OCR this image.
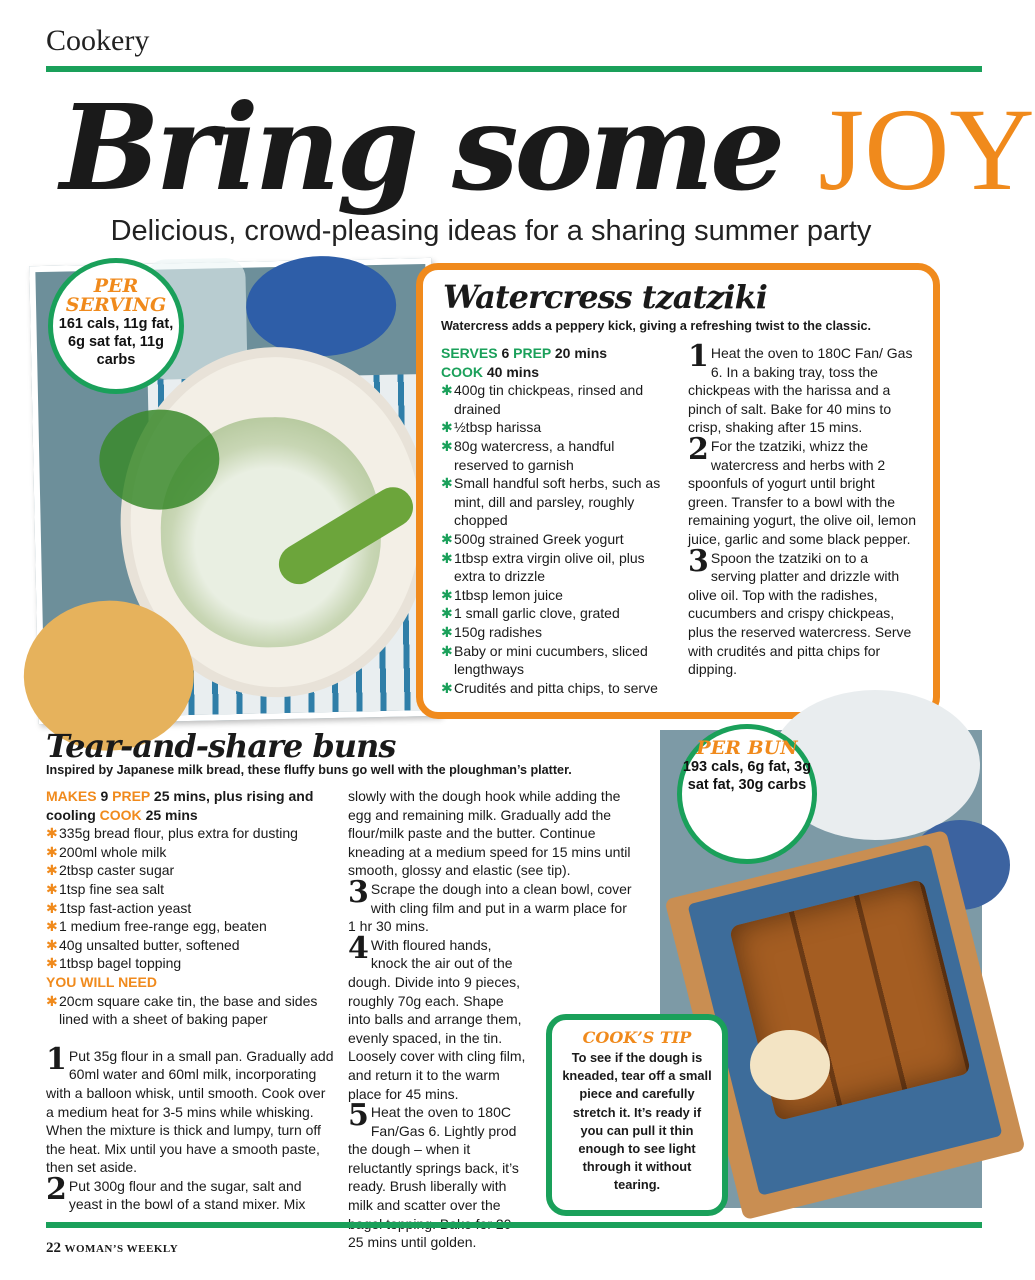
Cookery
Bring some JOY
Delicious, crowd-pleasing ideas for a sharing summer party
PER SERVING
161 cals, 11g fat, 6g sat fat, 11g carbs
Watercress tzatziki
Watercress adds a peppery kick, giving a refreshing twist to the classic.
SERVES 6 PREP 20 mins
COOK 40 mins
✱ 400g tin chickpeas, rinsed and drained
✱ ½tbsp harissa
✱ 80g watercress, a handful reserved to garnish
✱ Small handful soft herbs, such as mint, dill and parsley, roughly chopped
✱ 500g strained Greek yogurt
✱ 1tbsp extra virgin olive oil, plus extra to drizzle
✱ 1tbsp lemon juice
✱ 1 small garlic clove, grated
✱ 150g radishes
✱ Baby or mini cucumbers, sliced lengthways
✱ Crudités and pitta chips, to serve

1 Heat the oven to 180C Fan/ Gas 6. In a baking tray, toss the chickpeas with the harissa and a pinch of salt. Bake for 40 mins to crisp, shaking after 15 mins.

2 For the tzatziki, whizz the watercress and herbs with 2 spoonfuls of yogurt until bright green. Transfer to a bowl with the remaining yogurt, the olive oil, lemon juice, garlic and some black pepper.

3 Spoon the tzatziki on to a serving platter and drizzle with olive oil. Top with the radishes, cucumbers and crispy chickpeas, plus the reserved watercress. Serve with crudités and pitta chips for dipping.

Tear-and-share buns
Inspired by Japanese milk bread, these fluffy buns go well with the ploughman’s platter.
MAKES 9 PREP 25 mins, plus rising and cooling COOK 25 mins
✱ 335g bread flour, plus extra for dusting
✱ 200ml whole milk
✱ 2tbsp caster sugar
✱ 1tsp fine sea salt
✱ 1tsp fast-action yeast
✱ 1 medium free-range egg, beaten
✱ 40g unsalted butter, softened
✱ 1tbsp bagel topping
YOU WILL NEED
✱ 20cm square cake tin, the base and sides lined with a sheet of baking paper

1 Put 35g flour in a small pan. Gradually add 60ml water and 60ml milk, incorporating with a balloon whisk, until smooth. Cook over a medium heat for 3-5 mins while whisking. When the mixture is thick and lumpy, turn off the heat. Mix until you have a smooth paste, then set aside.

2 Put 300g flour and the sugar, salt and yeast in the bowl of a stand mixer. Mix

slowly with the dough hook while adding the egg and remaining milk. Gradually add the flour/milk paste and the butter. Continue kneading at a medium speed for 15 mins until smooth, glossy and elastic (see tip).

3 Scrape the dough into a clean bowl, cover with cling film and put in a warm place for 1 hr 30 mins.

4 With floured hands, knock the air out of the dough. Divide into 9 pieces, roughly 70g each. Shape into balls and arrange them, evenly spaced, in the tin. Loosely cover with cling film, and return it to the warm place for 45 mins.

5 Heat the oven to 180C Fan/Gas 6. Lightly prod the dough – when it reluctantly springs back, it’s ready. Brush liberally with milk and scatter over the 25 mins until golden.

PER BUN
193 cals, 6g fat, 3g sat fat, 30g carbs
COOK’S TIP
To see if the dough is kneaded, tear off a small piece and carefully stretch it. It’s ready if you can pull it thin enough to see light through it without tearing.
22 WOMAN’S WEEKLY
